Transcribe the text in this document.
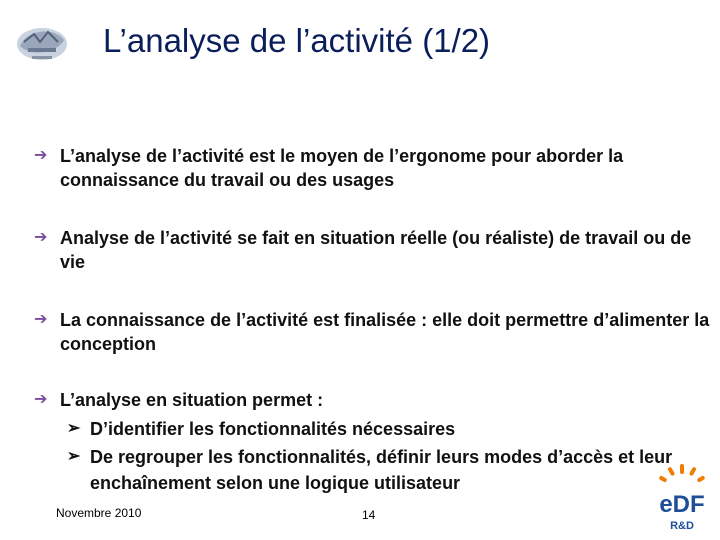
L’analyse de l’activité (1/2)
➔ L’analyse de l’activité est le moyen de l’ergonome pour aborder la connaissance du travail ou des usages
➔ Analyse de l’activité se fait en situation réelle (ou réaliste) de travail ou de vie
➔ La connaissance de l’activité est finalisée : elle doit permettre d’alimenter la conception
➔ L’analyse en situation permet :
➢ D’identifier les fonctionnalités nécessaires
➢ De regrouper les fonctionnalités, définir leurs modes d’accès et leur enchaînement selon une logique utilisateur
Novembre 2010	14	eDF
R&D
